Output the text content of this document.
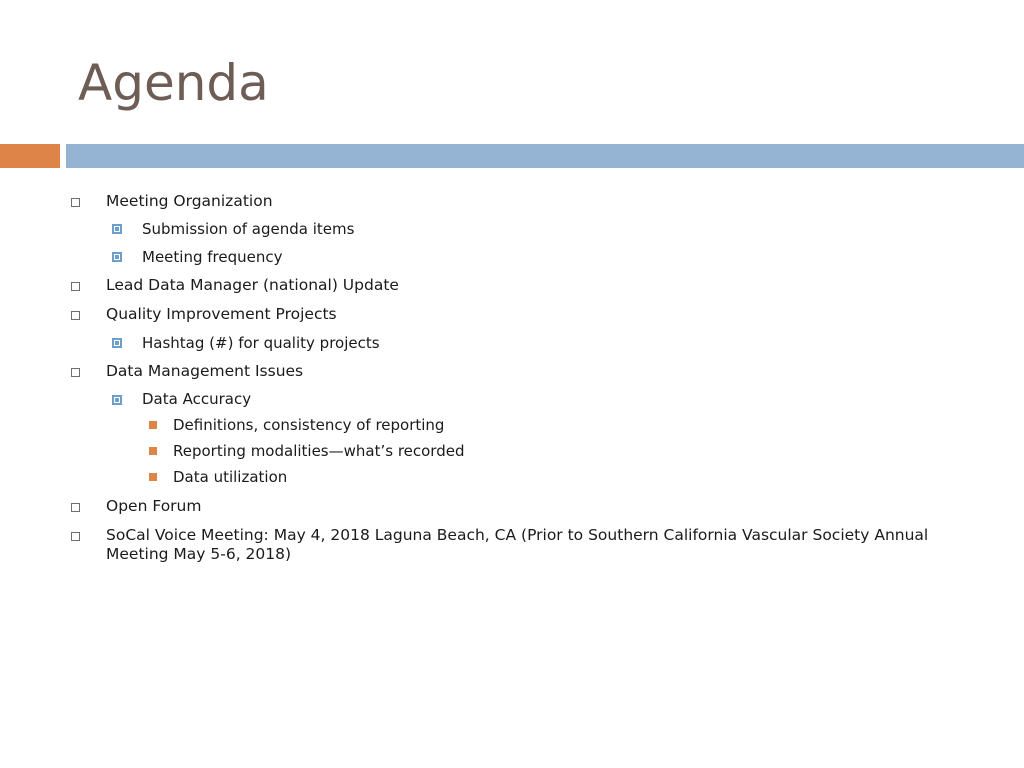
Agenda
Meeting Organization
Submission of agenda items
Meeting frequency
Lead Data Manager (national) Update
Quality Improvement Projects
Hashtag (#) for quality projects
Data Management Issues
Data Accuracy
Definitions, consistency of reporting
Reporting modalities—what’s recorded
Data utilization
Open Forum
SoCal Voice Meeting: May 4, 2018 Laguna Beach, CA (Prior to Southern California Vascular Society Annual Meeting May 5-6, 2018)
